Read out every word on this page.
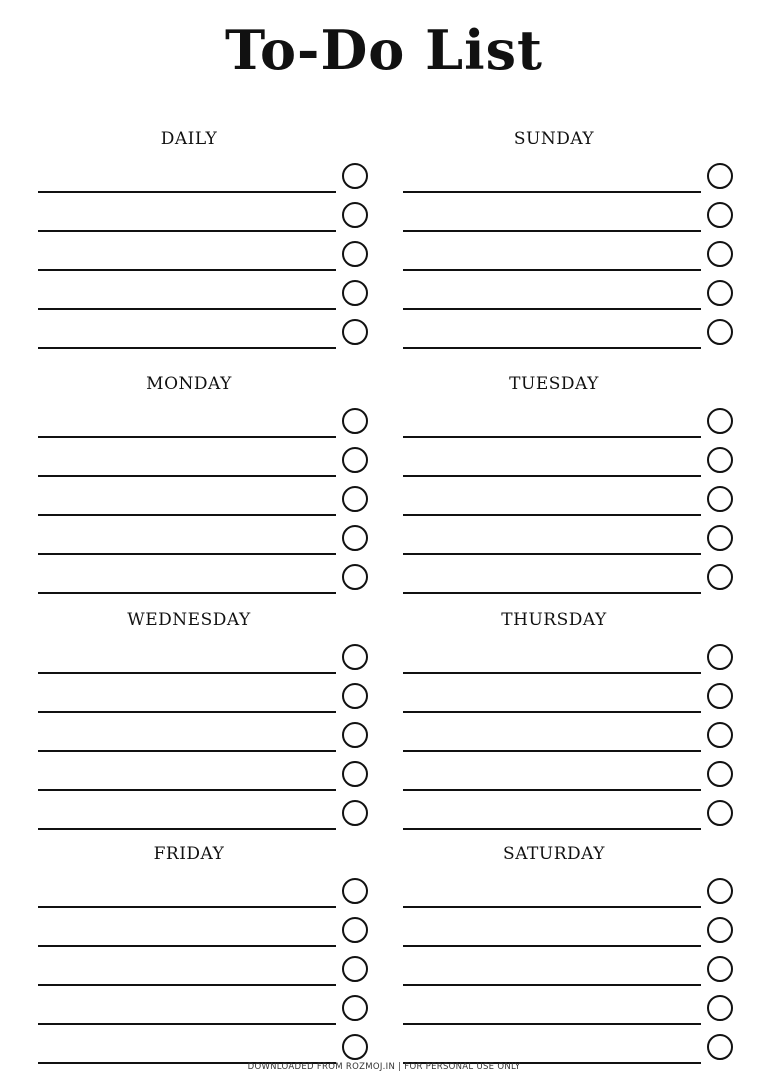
To-Do List
DAILY	SUNDAY
MONDAY	TUESDAY
WEDNESDAY	THURSDAY
FRIDAY	SATURDAY
DOWNLOADED FROM ROZMOJ.IN | FOR PERSONAL USE ONLY
